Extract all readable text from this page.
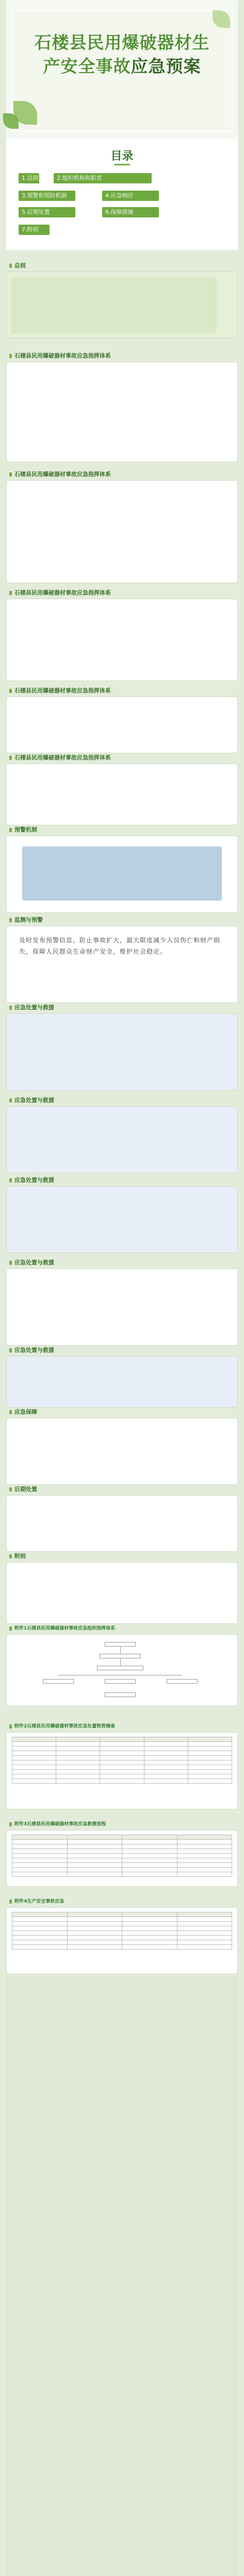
石楼县民用爆破器材生
产安全事故应急预案
目录
1.总则	2.组织机构和职责
3.预警和预防机制	4.应急响应
5.后期处置	6.保障措施
7.附则
总则
石楼县民用爆破器材事故应急指挥体系
石楼县民用爆破器材事故应急指挥体系
石楼县民用爆破器材事故应急指挥体系
石楼县民用爆破器材事故应急指挥体系
石楼县民用爆破器材事故应急指挥体系
预警机制
监测与预警

及时发布预警信息，防止事故扩大，最大限度减少人员伤亡和财产损失，保障人民群众生命财产安全，维护社会稳定。

应急处置与救援
应急处置与救援
应急处置与救援
应急处置与救援
应急处置与救援
应急保障
后期处置
附则
附件1石楼县民用爆破器材事故应急组织指挥体系
附件2石楼县民用爆破器材事故应急处置物资储备

附件3石楼县民用爆破器材事故应急救援流程

附件4生产安全事故应急
